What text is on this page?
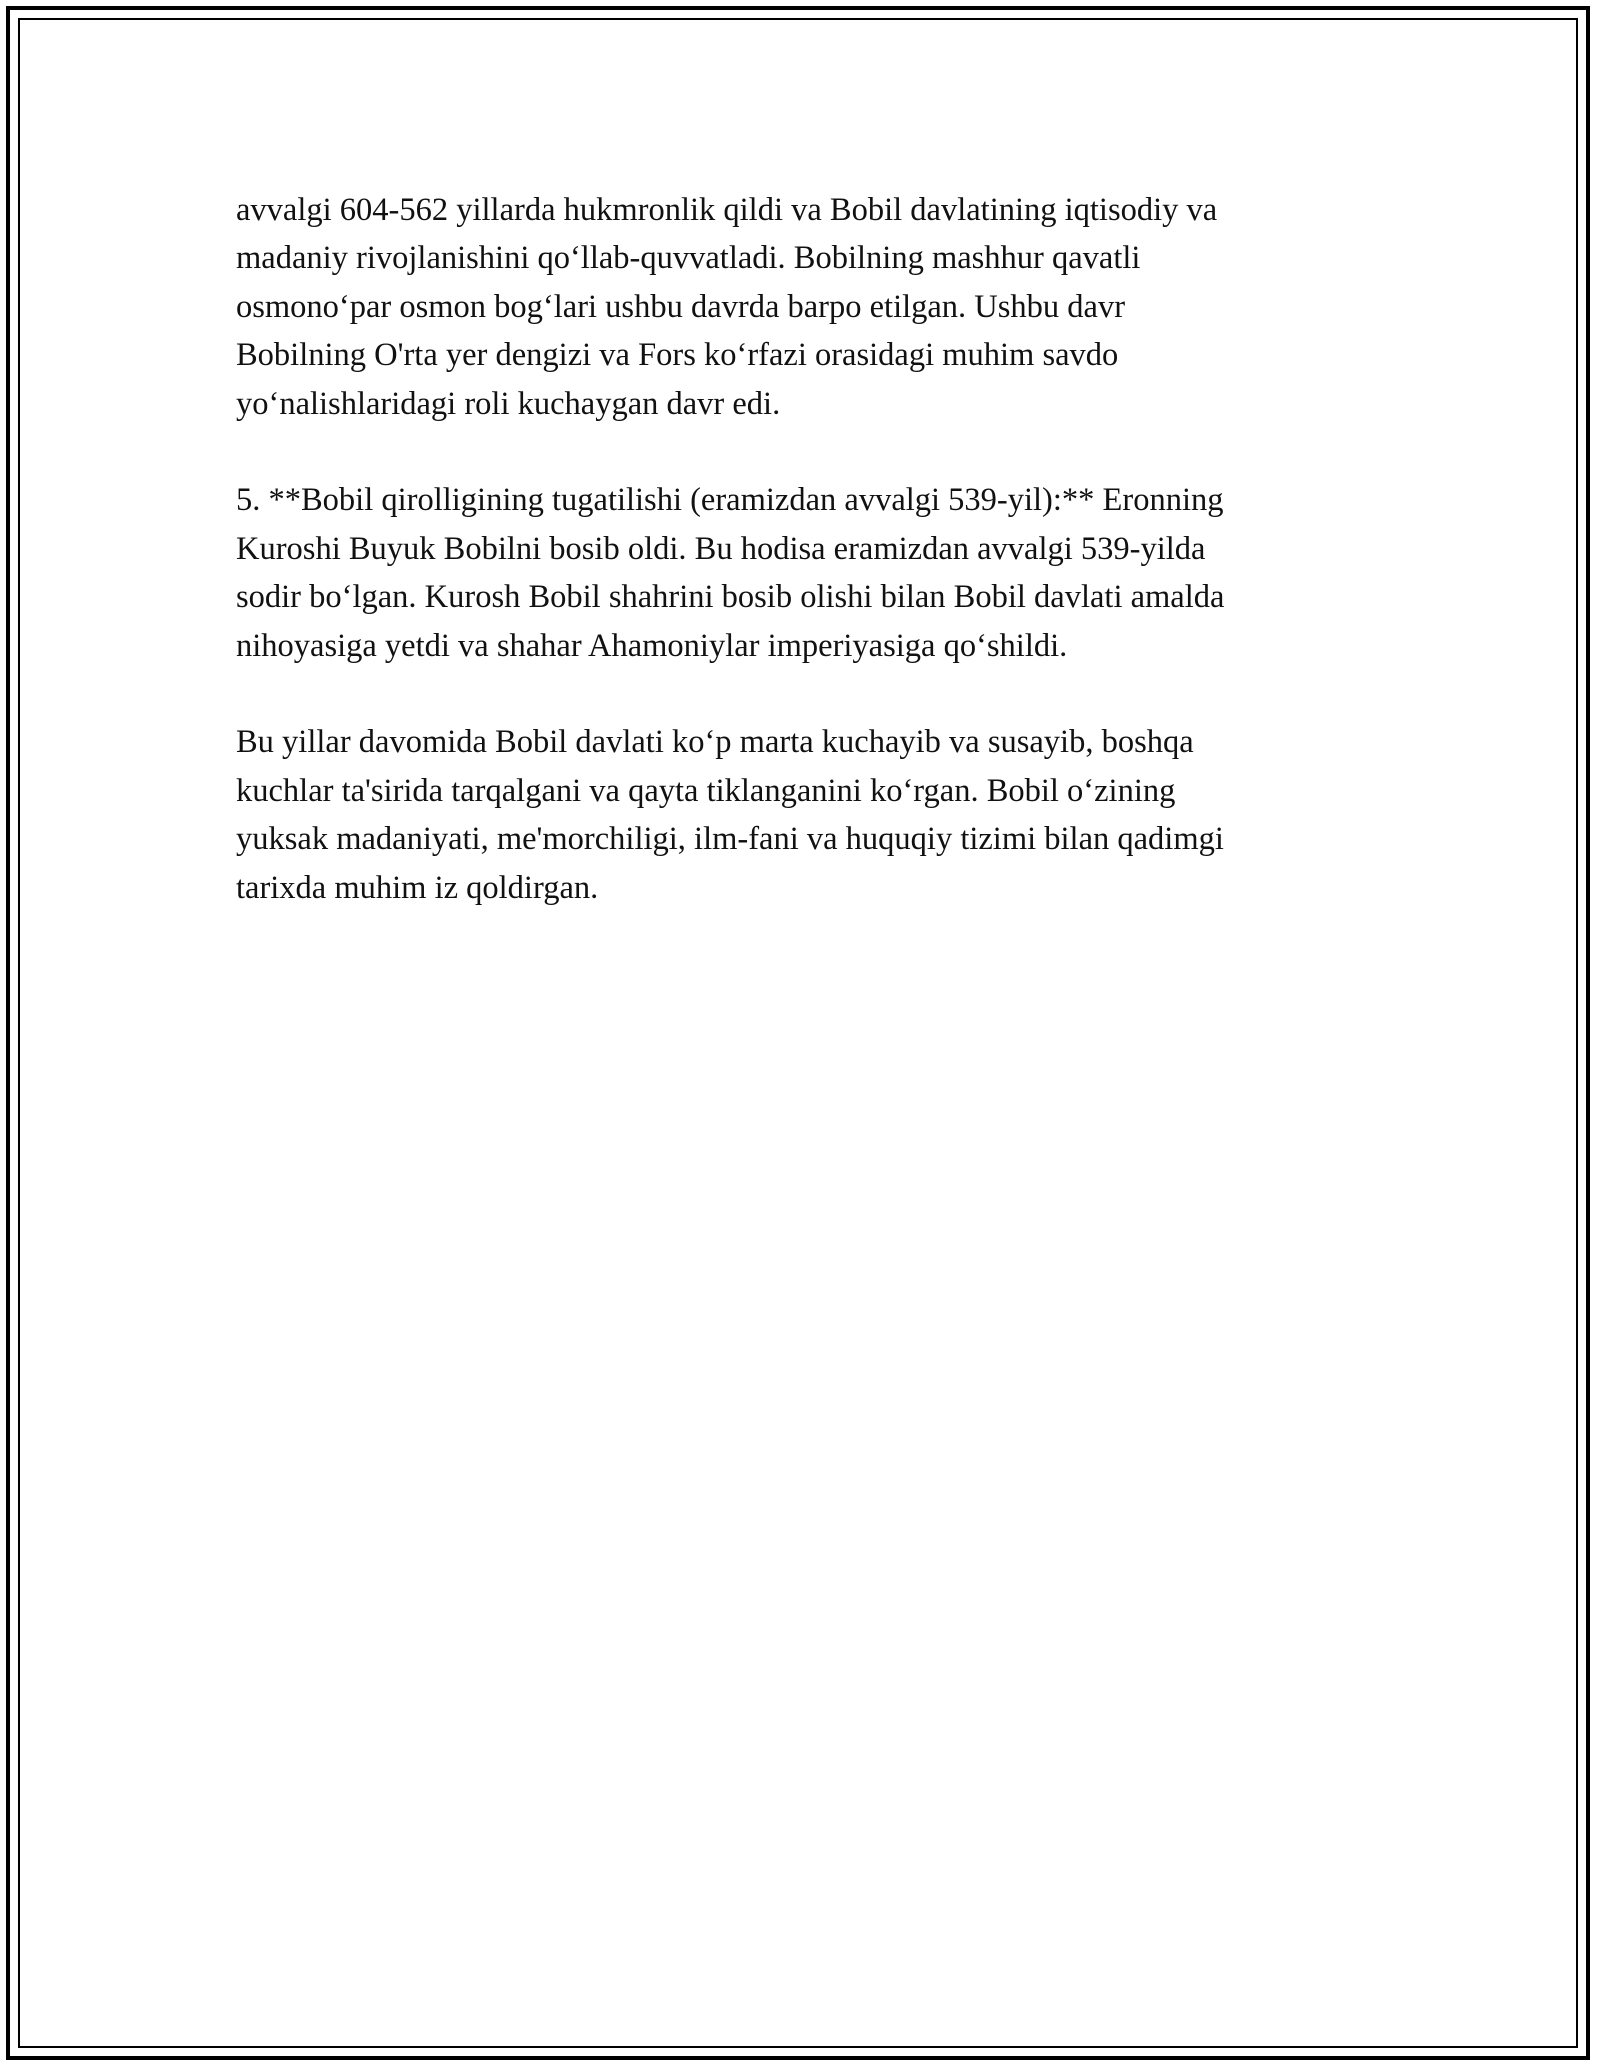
avvalgi 604-562 yillarda hukmronlik qildi va Bobil davlatining iqtisodiy va
madaniy rivojlanishini qo‘llab-quvvatladi. Bobilning mashhur qavatli
osmono‘par osmon bog‘lari ushbu davrda barpo etilgan. Ushbu davr
Bobilning O'rta yer dengizi va Fors ko‘rfazi orasidagi muhim savdo
yo‘nalishlaridagi roli kuchaygan davr edi.

5. **Bobil qirolligining tugatilishi (eramizdan avvalgi 539-yil):** Eronning
Kuroshi Buyuk Bobilni bosib oldi. Bu hodisa eramizdan avvalgi 539-yilda
sodir bo‘lgan. Kurosh Bobil shahrini bosib olishi bilan Bobil davlati amalda
nihoyasiga yetdi va shahar Ahamoniylar imperiyasiga qo‘shildi.

Bu yillar davomida Bobil davlati ko‘p marta kuchayib va susayib, boshqa
kuchlar ta'sirida tarqalgani va qayta tiklanganini ko‘rgan. Bobil o‘zining
yuksak madaniyati, me'morchiligi, ilm-fani va huquqiy tizimi bilan qadimgi
tarixda muhim iz qoldirgan.
